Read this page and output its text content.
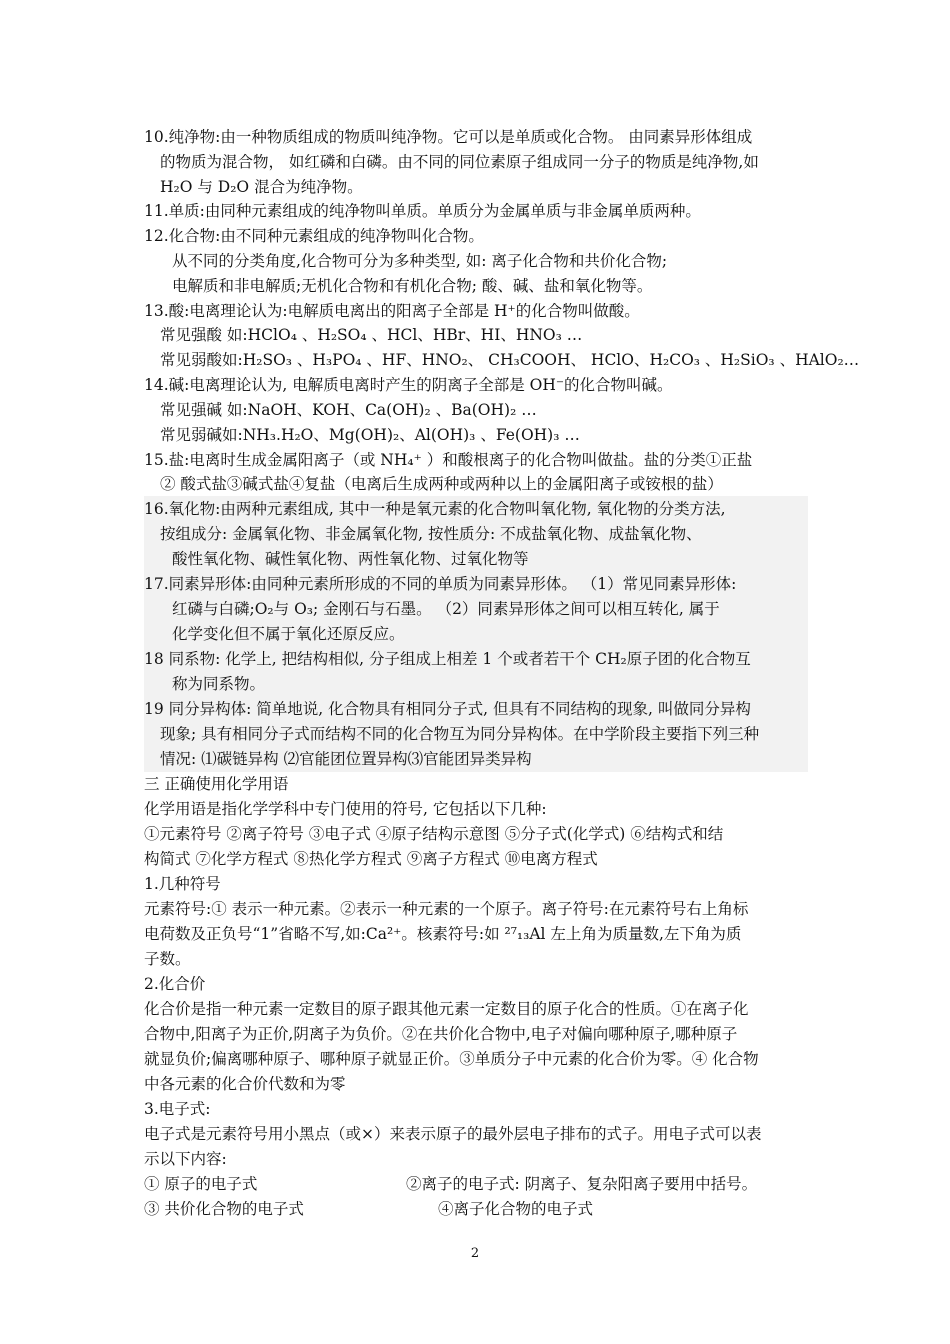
10.纯净物:由一种物质组成的物质叫纯净物。它可以是单质或化合物。 由同素异形体组成
的物质为混合物， 如红磷和白磷。由不同的同位素原子组成同一分子的物质是纯净物,如
H₂O 与 D₂O 混合为纯净物。
11.单质:由同种元素组成的纯净物叫单质。单质分为金属单质与非金属单质两种。
12.化合物:由不同种元素组成的纯净物叫化合物。
从不同的分类角度,化合物可分为多种类型, 如: 离子化合物和共价化合物;
电解质和非电解质;无机化合物和有机化合物; 酸、碱、盐和氧化物等。
13.酸:电离理论认为:电解质电离出的阳离子全部是 H⁺的化合物叫做酸。
常见强酸 如:HClO₄ 、H₂SO₄ 、HCl、HBr、HI、HNO₃ …
常见弱酸如:H₂SO₃ 、H₃PO₄ 、HF、HNO₂、 CH₃COOH、 HClO、H₂CO₃ 、H₂SiO₃ 、HAlO₂…
14.碱:电离理论认为, 电解质电离时产生的阴离子全部是 OH⁻的化合物叫碱。
常见强碱 如:NaOH、KOH、Ca(OH)₂ 、Ba(OH)₂ …
常见弱碱如:NH₃.H₂O、Mg(OH)₂、Al(OH)₃ 、Fe(OH)₃ …
15.盐:电离时生成金属阳离子（或 NH₄⁺ ）和酸根离子的化合物叫做盐。盐的分类①正盐
② 酸式盐③碱式盐④复盐（电离后生成两种或两种以上的金属阳离子或铵根的盐）
16.氧化物:由两种元素组成, 其中一种是氧元素的化合物叫氧化物, 氧化物的分类方法,
按组成分: 金属氧化物、非金属氧化物, 按性质分: 不成盐氧化物、成盐氧化物、
酸性氧化物、碱性氧化物、两性氧化物、过氧化物等
17.同素异形体:由同种元素所形成的不同的单质为同素异形体。 （1）常见同素异形体:
红磷与白磷;O₂与 O₃; 金刚石与石墨。 （2）同素异形体之间可以相互转化, 属于
化学变化但不属于氧化还原反应。
18 同系物: 化学上, 把结构相似, 分子组成上相差 1 个或者若干个 CH₂原子团的化合物互
称为同系物。
19 同分异构体: 简单地说, 化合物具有相同分子式, 但具有不同结构的现象, 叫做同分异构
现象; 具有相同分子式而结构不同的化合物互为同分异构体。在中学阶段主要指下列三种
情况: ⑴碳链异构 ⑵官能团位置异构⑶官能团异类异构
三 正确使用化学用语
化学用语是指化学学科中专门使用的符号, 它包括以下几种:
①元素符号 ②离子符号 ③电子式 ④原子结构示意图 ⑤分子式(化学式) ⑥结构式和结
构简式 ⑦化学方程式 ⑧热化学方程式 ⑨离子方程式 ⑩电离方程式
1.几种符号
元素符号:① 表示一种元素。②表示一种元素的一个原子。离子符号:在元素符号右上角标
电荷数及正负号“1”省略不写,如:Ca²⁺。核素符号:如 ²⁷₁₃Al 左上角为质量数,左下角为质
子数。
2.化合价
化合价是指一种元素一定数目的原子跟其他元素一定数目的原子化合的性质。①在离子化
合物中,阳离子为正价,阴离子为负价。②在共价化合物中,电子对偏向哪种原子,哪种原子
就显负价;偏离哪种原子、哪种原子就显正价。③单质分子中元素的化合价为零。④ 化合物
中各元素的化合价代数和为零
3.电子式:
电子式是元素符号用小黑点（或×）来表示原子的最外层电子排布的式子。用电子式可以表
示以下内容:
① 原子的电子式	②离子的电子式: 阴离子、复杂阳离子要用中括号。
③ 共价化合物的电子式	④离子化合物的电子式
2
